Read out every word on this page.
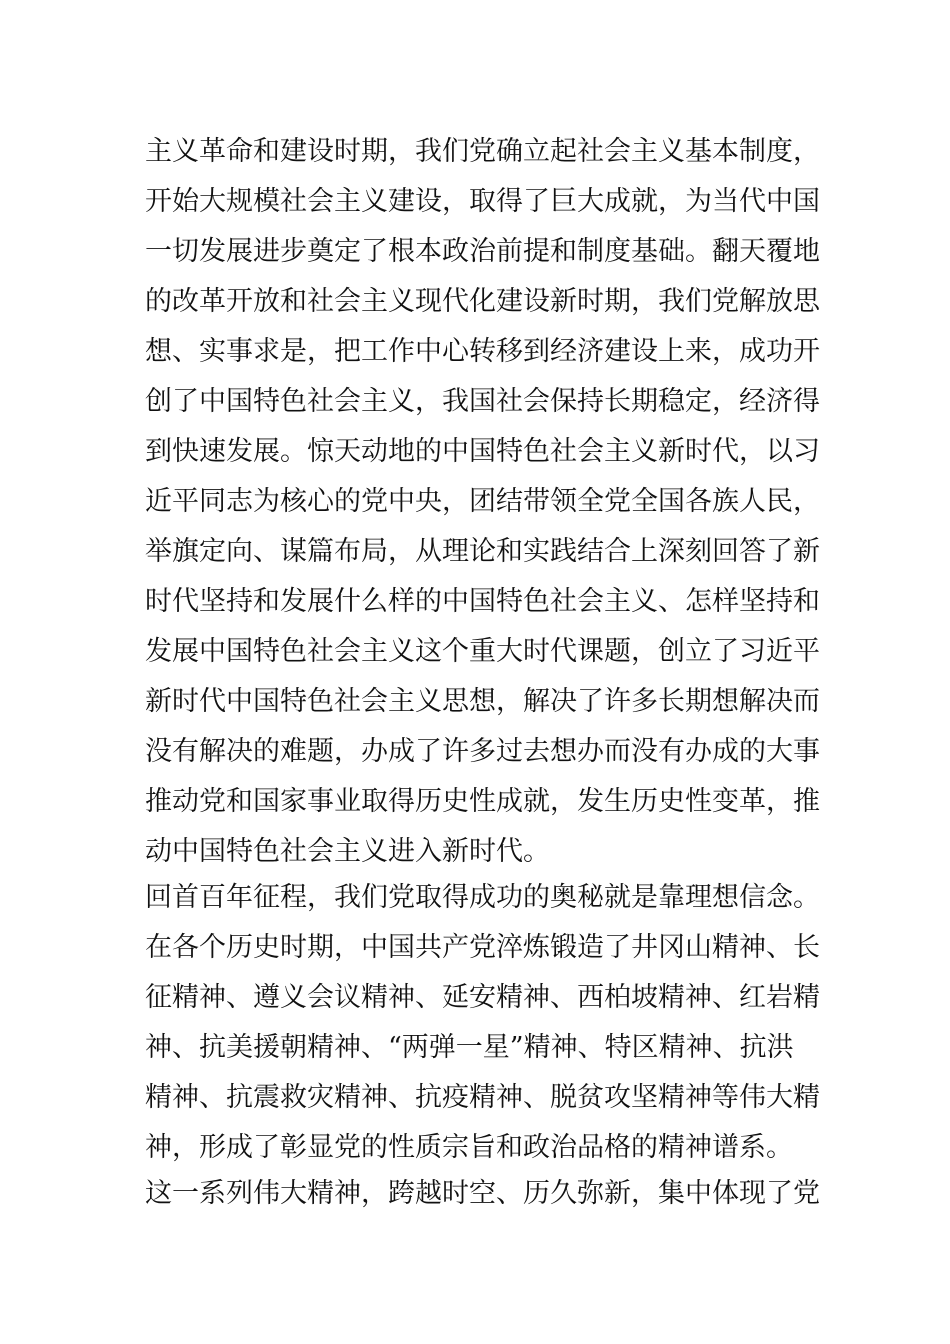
主义革命和建设时期，我们党确立起社会主义基本制度，
开始大规模社会主义建设，取得了巨大成就，为当代中国
一切发展进步奠定了根本政治前提和制度基础。翻天覆地
的改革开放和社会主义现代化建设新时期，我们党解放思
想、实事求是，把工作中心转移到经济建设上来，成功开
创了中国特色社会主义，我国社会保持长期稳定，经济得
到快速发展。惊天动地的中国特色社会主义新时代，以习
近平同志为核心的党中央，团结带领全党全国各族人民，
举旗定向、谋篇布局，从理论和实践结合上深刻回答了新
时代坚持和发展什么样的中国特色社会主义、怎样坚持和
发展中国特色社会主义这个重大时代课题，创立了习近平
新时代中国特色社会主义思想，解决了许多长期想解决而
没有解决的难题，办成了许多过去想办而没有办成的大事
推动党和国家事业取得历史性成就，发生历史性变革，推
动中国特色社会主义进入新时代。
回首百年征程，我们党取得成功的奥秘就是靠理想信念。
在各个历史时期，中国共产党淬炼锻造了井冈山精神、长
征精神、遵义会议精神、延安精神、西柏坡精神、红岩精
神、抗美援朝精神、“两弹一星”精神、特区精神、抗洪
精神、抗震救灾精神、抗疫精神、脱贫攻坚精神等伟大精
神，形成了彰显党的性质宗旨和政治品格的精神谱系。
这一系列伟大精神，跨越时空、历久弥新，集中体现了党
